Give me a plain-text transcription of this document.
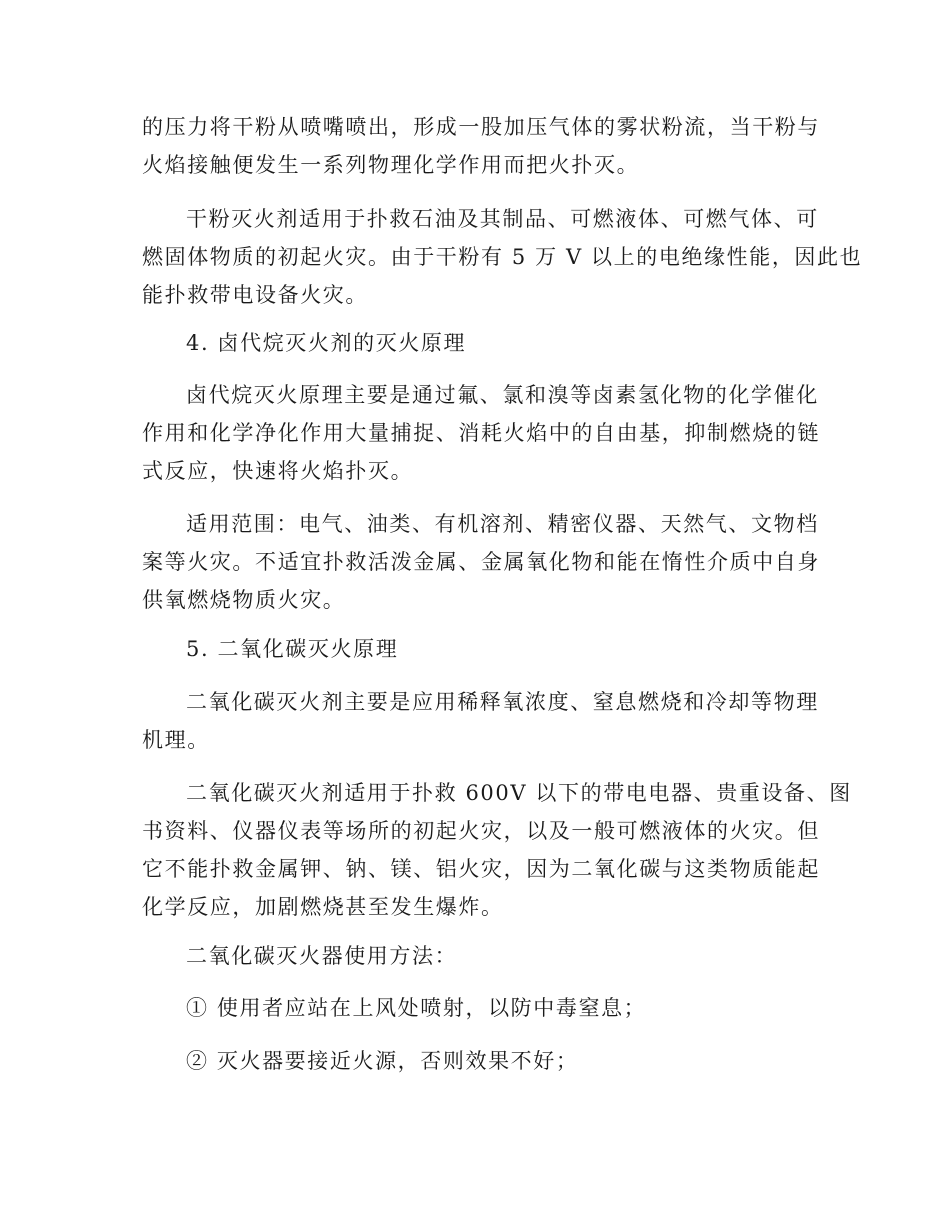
的压力将干粉从喷嘴喷出，形成一股加压气体的雾状粉流，当干粉与
火焰接触便发生一系列物理化学作用而把火扑灭。

干粉灭火剂适用于扑救石油及其制品、可燃液体、可燃气体、可
燃固体物质的初起火灾。由于干粉有 5 万 V 以上的电绝缘性能，因此也
能扑救带电设备火灾。

4. 卤代烷灭火剂的灭火原理

卤代烷灭火原理主要是通过氟、氯和溴等卤素氢化物的化学催化
作用和化学净化作用大量捕捉、消耗火焰中的自由基，抑制燃烧的链
式反应，快速将火焰扑灭。

适用范围：电气、油类、有机溶剂、精密仪器、天然气、文物档
案等火灾。不适宜扑救活泼金属、金属氧化物和能在惰性介质中自身
供氧燃烧物质火灾。

5. 二氧化碳灭火原理

二氧化碳灭火剂主要是应用稀释氧浓度、窒息燃烧和冷却等物理
机理。

二氧化碳灭火剂适用于扑救 600V 以下的带电电器、贵重设备、图
书资料、仪器仪表等场所的初起火灾，以及一般可燃液体的火灾。但
它不能扑救金属钾、钠、镁、铝火灾，因为二氧化碳与这类物质能起
化学反应，加剧燃烧甚至发生爆炸。

二氧化碳灭火器使用方法：

① 使用者应站在上风处喷射，以防中毒窒息；

② 灭火器要接近火源，否则效果不好；
